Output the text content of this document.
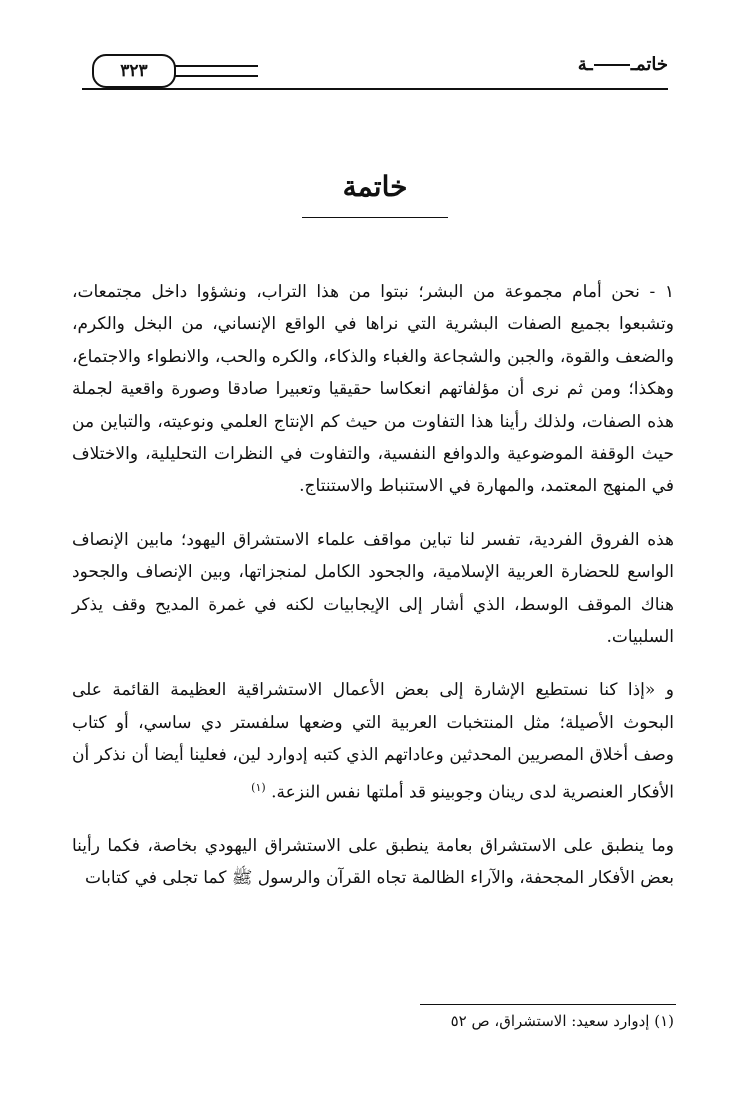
٣٢٣	خاتمــة
خاتمة

١ - نحن أمام مجموعة من البشر؛ نبتوا من هذا التراب، ونشؤوا داخل مجتمعات، وتشبعوا بجميع الصفات البشرية التي نراها في الواقع الإنساني، من البخل والكرم، والضعف والقوة، والجبن والشجاعة والغباء والذكاء، والكره والحب، والانطواء والاجتماع، وهكذا؛ ومن ثم نرى أن مؤلفاتهم انعكاسا حقيقيا وتعبيرا صادقا وصورة واقعية لجملة هذه الصفات، ولذلك رأينا هذا التفاوت من حيث كم الإنتاج العلمي ونوعيته، والتباين من حيث الوقفة الموضوعية والدوافع النفسية، والتفاوت في النظرات التحليلية، والاختلاف في المنهج المعتمد، والمهارة في الاستنباط والاستنتاج.

هذه الفروق الفردية، تفسر لنا تباين مواقف علماء الاستشراق اليهود؛ مابين الإنصاف الواسع للحضارة العربية الإسلامية، والجحود الكامل لمنجزاتها، وبين الإنصاف والجحود هناك الموقف الوسط، الذي أشار إلى الإيجابيات لكنه في غمرة المديح وقف يذكر السلبيات.

و «إذا كنا نستطيع الإشارة إلى بعض الأعمال الاستشراقية العظيمة القائمة على البحوث الأصيلة؛ مثل المنتخبات العربية التي وضعها سلفستر دي ساسي، أو كتاب وصف أخلاق المصريين المحدثين وعاداتهم الذي كتبه إدوارد لين، فعلينا أيضا أن نذكر أن الأفكار العنصرية لدى رينان وجوبينو قد أملتها نفس النزعة. $^{(١)}$

وما ينطبق على الاستشراق بعامة ينطبق على الاستشراق اليهودي بخاصة، فكما رأينا بعض الأفكار المجحفة، والآراء الظالمة تجاه القرآن والرسول ﷺ كما تجلى في كتابات

(١) إدوارد سعيد: الاستشراق، ص ٥٢
